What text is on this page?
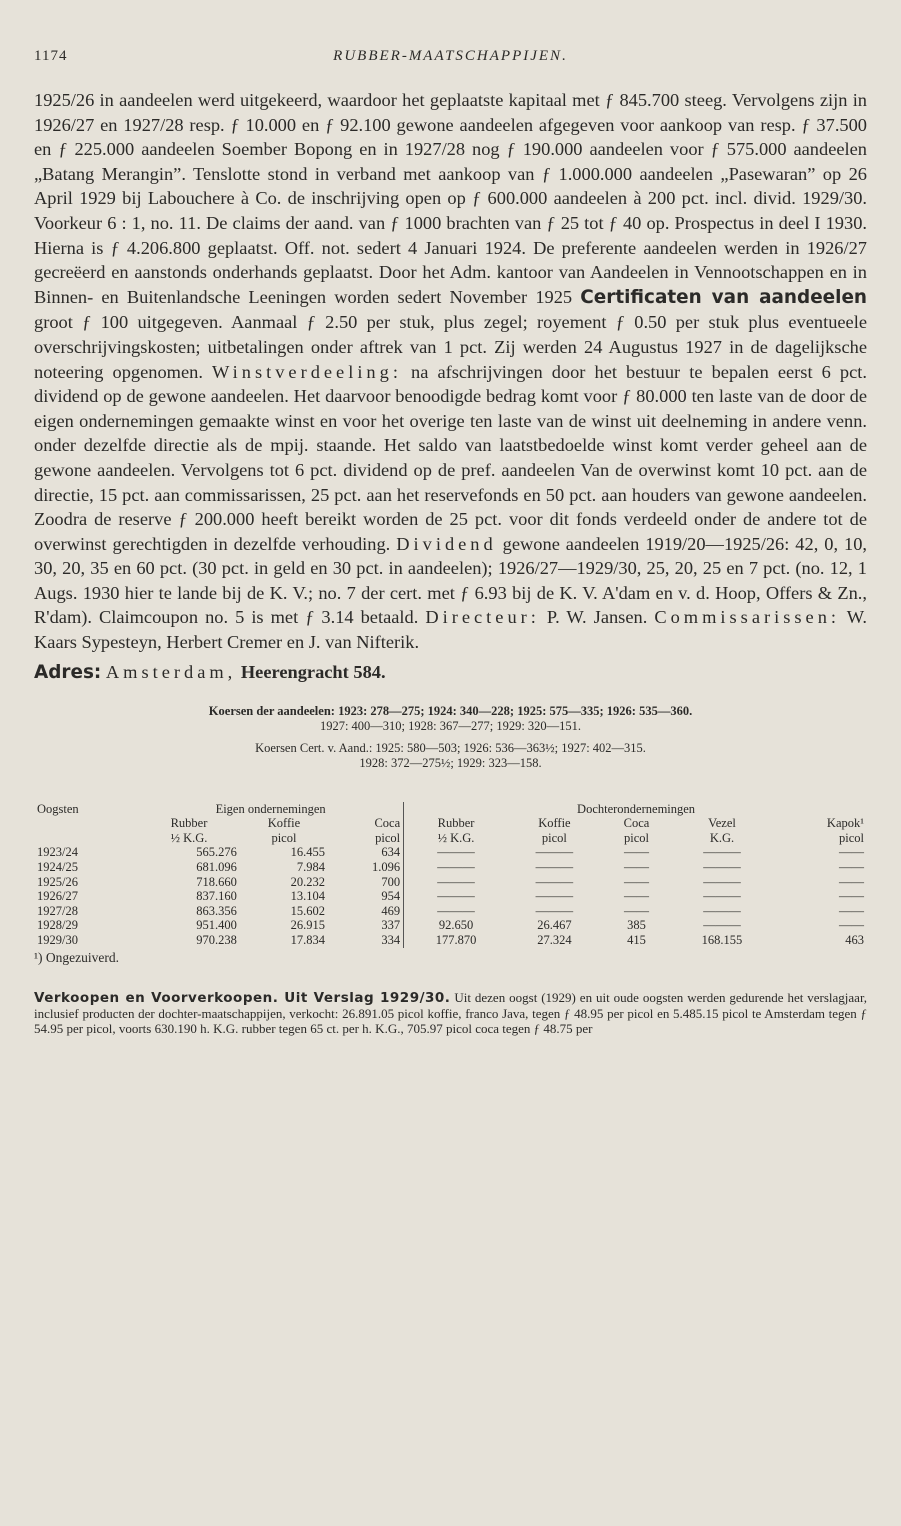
1174	RUBBER-MAATSCHAPPIJEN.

1925/26 in aandeelen werd uitgekeerd, waardoor het geplaatste kapitaal met ƒ 845.700 steeg. Vervolgens zijn in 1926/27 en 1927/28 resp. ƒ 10.000 en ƒ 92.100 gewone aandeelen afgegeven voor aankoop van resp. ƒ 37.500 en ƒ 225.000 aandeelen Soember Bopong en in 1927/28 nog ƒ 190.000 aandeelen voor ƒ 575.000 aandeelen „Batang Merangin”. Tenslotte stond in verband met aankoop van ƒ 1.000.000 aandeelen „Pasewaran” op 26 April 1929 bij Labouchere à Co. de inschrijving open op ƒ 600.000 aandeelen à 200 pct. incl. divid. 1929/30. Voorkeur 6 : 1, no. 11. De claims der aand. van ƒ 1000 brachten van ƒ 25 tot ƒ 40 op. Prospectus in deel I 1930. Hierna is ƒ 4.206.800 geplaatst. Off. not. sedert 4 Januari 1924. De preferente aandeelen werden in 1926/27 gecreëerd en aanstonds onderhands geplaatst. Door het Adm. kantoor van Aandeelen in Vennootschappen en in Binnen- en Buitenlandsche Leeningen worden sedert November 1925 Certificaten van aandeelen groot ƒ 100 uitgegeven. Aanmaal ƒ 2.50 per stuk, plus zegel; royement ƒ 0.50 per stuk plus eventueele overschrijvingskosten; uitbetalingen onder aftrek van 1 pct. Zij werden 24 Augustus 1927 in de dagelijksche noteering opgenomen. Winstverdeeling: na afschrijvingen door het bestuur te bepalen eerst 6 pct. dividend op de gewone aandeelen. Het daarvoor benoodigde bedrag komt voor ƒ 80.000 ten laste van de door de eigen ondernemingen gemaakte winst en voor het overige ten laste van de winst uit deelneming in andere venn. onder dezelfde directie als de mpij. staande. Het saldo van laatstbedoelde winst komt verder geheel aan de gewone aandeelen. Vervolgens tot 6 pct. dividend op de pref. aandeelen Van de overwinst komt 10 pct. aan de directie, 15 pct. aan commissarissen, 25 pct. aan het reservefonds en 50 pct. aan houders van gewone aandeelen. Zoodra de reserve ƒ 200.000 heeft bereikt worden de 25 pct. voor dit fonds verdeeld onder de andere tot de overwinst gerechtigden in dezelfde verhouding. Dividend gewone aandeelen 1919/20—1925/26: 42, 0, 10, 30, 20, 35 en 60 pct. (30 pct. in geld en 30 pct. in aandeelen); 1926/27—1929/30, 25, 20, 25 en 7 pct. (no. 12, 1 Augs. 1930 hier te lande bij de K. V.; no. 7 der cert. met ƒ 6.93 bij de K. V. A'dam en v. d. Hoop, Offers & Zn., R'dam). Claimcoupon no. 5 is met ƒ 3.14 betaald. Directeur: P. W. Jansen. Commissarissen: W. Kaars Sypesteyn, Herbert Cremer en J. van Nifterik.

Adres: Amsterdam, Heerengracht 584.
Koersen der aandeelen: 1923: 278—275; 1924: 340—228; 1925: 575—335; 1926: 535—360.
1927: 400—310; 1928: 367—277; 1929: 320—151.
Koersen Cert. v. Aand.: 1925: 580—503; 1926: 536—363½; 1927: 402—315.
1928: 372—275½; 1929: 323—158.
Oogsten	Eigen ondernemingen			Dochterondernemingen				
	Rubber	Koffie	Coca		Rubber	Koffie	Coca	Vezel	Kapok¹
	½ K.G.	picol	picol		½ K.G.	picol	picol	K.G.	picol
1923/24	565.276	16.455	634		———	———	——	———	——
1924/25	681.096	7.984	1.096		———	———	——	———	——
1925/26	718.660	20.232	700		———	———	——	———	——
1926/27	837.160	13.104	954		———	———	——	———	——
1927/28	863.356	15.602	469		———	———	——	———	——
1928/29	951.400	26.915	337		92.650	26.467	385	———	——
1929/30	970.238	17.834	334		177.870	27.324	415	168.155	463
¹) Ongezuiverd.
Verkoopen en Voorverkoopen. Uit Verslag 1929/30. Uit dezen oogst (1929) en uit oude oogsten werden gedurende het verslagjaar, inclusief producten der dochter-maatschappijen, verkocht: 26.891.05 picol koffie, franco Java, tegen ƒ 48.95 per picol en 5.485.15 picol te Amsterdam tegen ƒ 54.95 per picol, voorts 630.190 h. K.G. rubber tegen 65 ct. per h. K.G., 705.97 picol coca tegen ƒ 48.75 per
